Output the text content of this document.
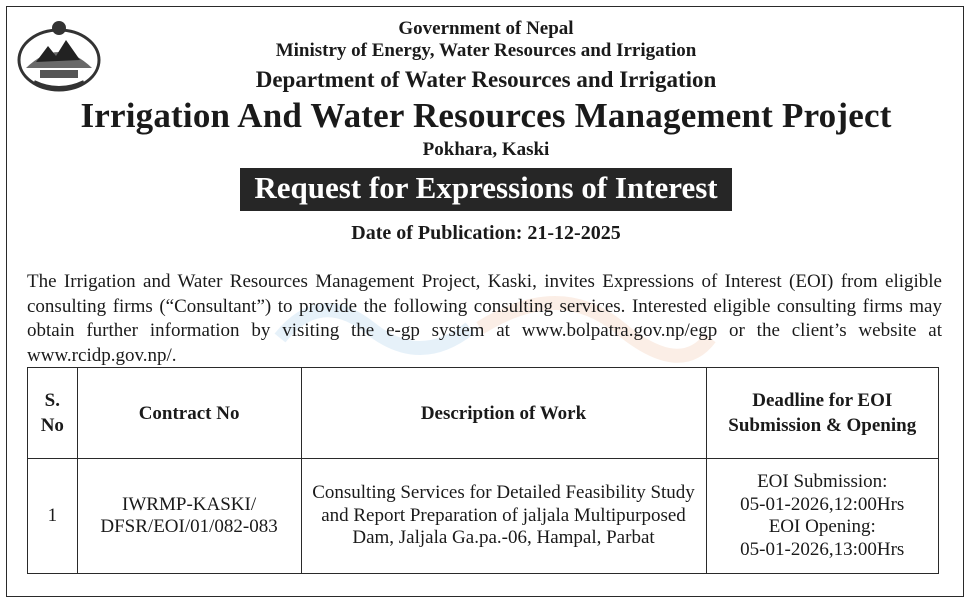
Government of Nepal
Ministry of Energy, Water Resources and Irrigation
Department of Water Resources and Irrigation
Irrigation And Water Resources Management Project
Pokhara, Kaski
Request for Expressions of Interest
Date of Publication: 21-12-2025

The Irrigation and Water Resources Management Project, Kaski, invites Expressions of Interest (EOI) from eligible consulting firms (“Consultant”) to provide the following consulting services. Interested eligible consulting firms may obtain further information by visiting the e-gp system at www.bolpatra.gov.np/egp or the client’s website at www.rcidp.gov.np/.

S. No	Contract No	Description of Work	Deadline for EOI Submission & Opening
1	IWRMP-KASKI/ DFSR/EOI/01/082-083	Consulting Services for Detailed Feasibility Study and Report Preparation of jaljala Multipurposed Dam, Jaljala Ga.pa.-06, Hampal, Parbat	EOI Submission:
05-01-2026,12:00Hrs
EOI Opening:
05-01-2026,13:00Hrs
